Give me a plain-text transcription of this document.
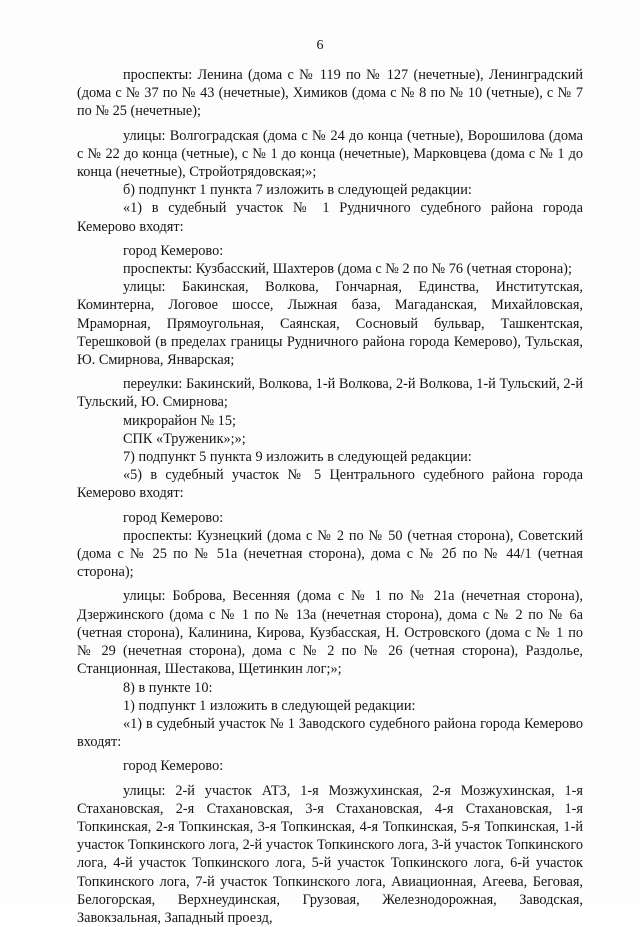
6

проспекты: Ленина (дома с № 119 по № 127 (нечетные), Ленинградский (дома с № 37 по № 43 (нечетные), Химиков (дома с № 8 по № 10 (четные), с № 7 по № 25 (нечетные);

улицы: Волгоградская (дома с № 24 до конца (четные), Ворошилова (дома с № 22 до конца (четные), с № 1 до конца (нечетные), Марковцева (дома с № 1 до конца (нечетные), Стройотрядовская;»;

б) подпункт 1 пункта 7 изложить в следующей редакции:

«1) в судебный участок № 1 Рудничного судебного района города Кемерово входят:

город Кемерово:

проспекты: Кузбасский, Шахтеров (дома с № 2 по № 76 (четная сторона);

улицы: Бакинская, Волкова, Гончарная, Единства, Институтская, Коминтерна, Логовое шоссе, Лыжная база, Магаданская, Михайловская, Мраморная, Прямоугольная, Саянская, Сосновый бульвар, Ташкентская, Терешковой (в пределах границы Рудничного района города Кемерово), Тульская, Ю. Смирнова, Январская;

переулки: Бакинский, Волкова, 1-й Волкова, 2-й Волкова, 1-й Тульский, 2-й Тульский, Ю. Смирнова;

микрорайон № 15;

СПК «Труженик»;»;

7) подпункт 5 пункта 9 изложить в следующей редакции:

«5) в судебный участок № 5 Центрального судебного района города Кемерово входят:

город Кемерово:

проспекты: Кузнецкий (дома с № 2 по № 50 (четная сторона), Советский (дома с № 25 по № 51а (нечетная сторона), дома с № 2б по № 44/1 (четная сторона);

улицы: Боброва, Весенняя (дома с № 1 по № 21а (нечетная сторона), Дзержинского (дома с № 1 по № 13а (нечетная сторона), дома с № 2 по № 6а (четная сторона), Калинина, Кирова, Кузбасская, Н. Островского (дома с № 1 по № 29 (нечетная сторона), дома с № 2 по № 26 (четная сторона), Раздолье, Станционная, Шестакова, Щетинкин лог;»;

8) в пункте 10:

1) подпункт 1 изложить в следующей редакции:

«1) в судебный участок № 1 Заводского судебного района города Кемерово входят:

город Кемерово:

улицы: 2-й участок АТЗ, 1-я Мозжухинская, 2-я Мозжухинская, 1-я Стахановская, 2-я Стахановская, 3-я Стахановская, 4-я Стахановская, 1-я Топкинская, 2-я Топкинская, 3-я Топкинская, 4-я Топкинская, 5-я Топкинская, 1-й участок Топкинского лога, 2-й участок Топкинского лога, 3-й участок Топкинского лога, 4-й участок Топкинского лога, 5-й участок Топкинского лога, 6-й участок Топкинского лога, 7-й участок Топкинского лога, Авиационная, Агеева, Беговая, Белогорская, Верхнеудинская, Грузовая, Железнодорожная, Заводская, Завокзальная, Западный проезд,
